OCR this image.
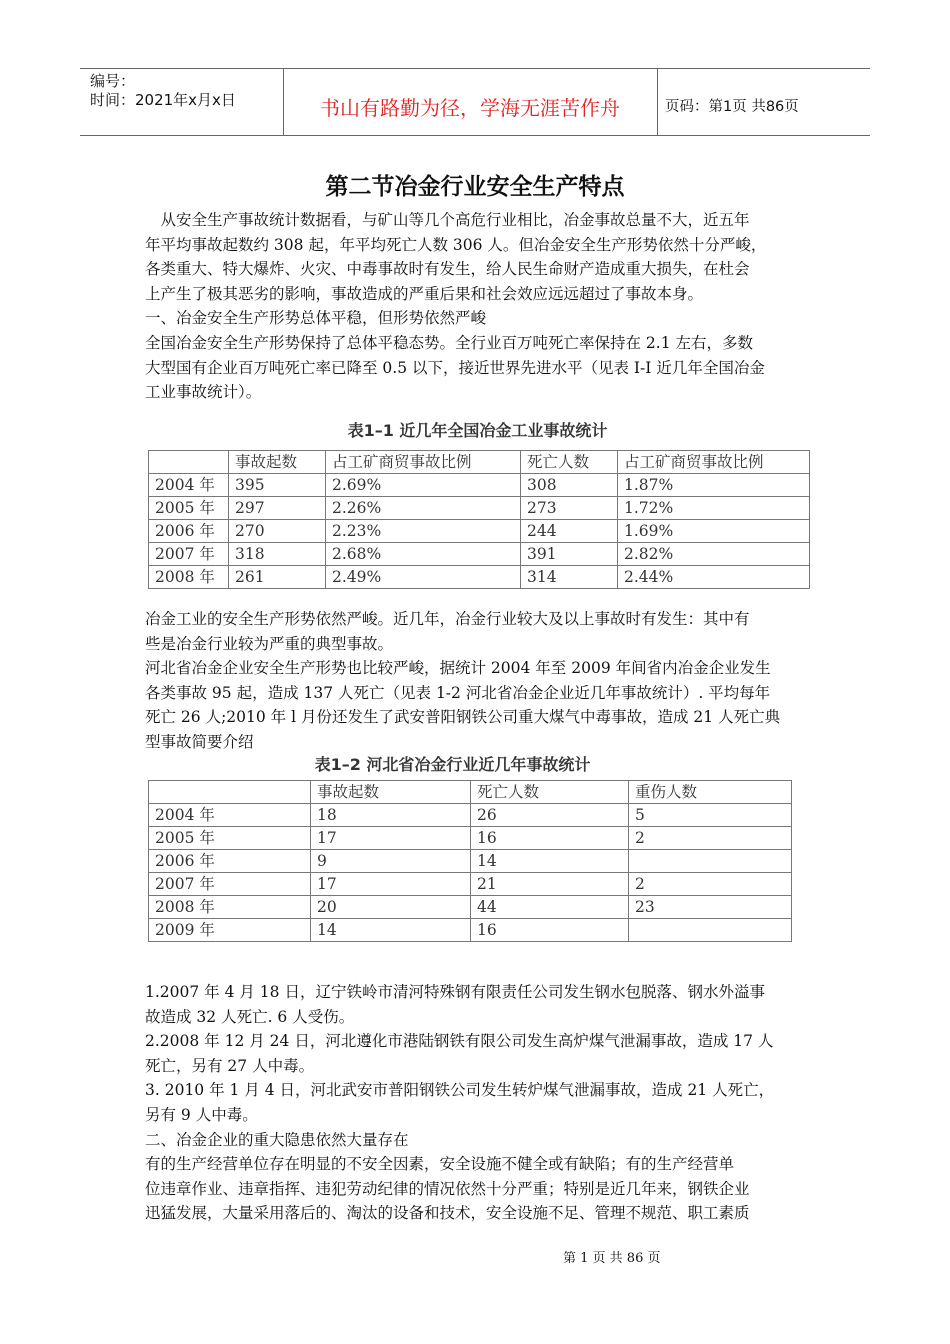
编号：
时间：2021年x月x日	书山有路勤为径，学海无涯苦作舟	页码：第1页 共86页
第二节冶金行业安全生产特点
　从安全生产事故统计数据看，与矿山等几个高危行业相比，冶金事故总量不大，近五年
年平均事故起数约 308 起，年平均死亡人数 306 人。但冶金安全生产形势依然十分严峻，
各类重大、特大爆炸、火灾、中毒事故时有发生，给人民生命财产造成重大损失，在杜会
上产生了极其恶劣的影响，事故造成的严重后果和社会效应远远超过了事故本身。
一、冶金安全生产形势总体平稳，但形势依然严峻
全国冶金安全生产形势保持了总体平稳态势。全行业百万吨死亡率保持在 2.1 左右，多数
大型国有企业百万吨死亡率已降至 0.5 以下，接近世界先进水平（见表 I-I 近几年全国冶金
工业事故统计）。
表1–1 近几年全国冶金工业事故统计
	事故起数	占工矿商贸事故比例	死亡人数	占工矿商贸事故比例
2004 年	395	2.69%	308	1.87%
2005 年	297	2.26%	273	1.72%
2006 年	270	2.23%	244	1.69%
2007 年	318	2.68%	391	2.82%
2008 年	261	2.49%	314	2.44%
冶金工业的安全生产形势依然严峻。近几年，冶金行业较大及以上事故时有发生：其中有
些是冶金行业较为严重的典型事故。
河北省冶金企业安全生产形势也比较严峻，据统计 2004 年至 2009 年间省内冶金企业发生
各类事故 95 起，造成 137 人死亡（见表 1-2 河北省冶金企业近几年事故统计）. 平均每年
死亡 26 人;2010 年 l 月份还发生了武安普阳钢铁公司重大煤气中毒事故，造成 21 人死亡典
型事故简要介绍
表1–2 河北省冶金行业近几年事故统计
	事故起数	死亡人数	重伤人数
2004 年	18	26	5
2005 年	17	16	2
2006 年	9	14	
2007 年	17	21	2
2008 年	20	44	23
2009 年	14	16	
1.2007 年 4 月 18 日，辽宁铁岭市清河特殊钢有限责任公司发生钢水包脱落、钢水外溢事
故造成 32 人死亡. 6 人受伤。
2.2008 年 12 月 24 日，河北遵化市港陆钢铁有限公司发生高炉煤气泄漏事故，造成 17 人
死亡，另有 27 人中毒。
3. 2010 年 1 月 4 日，河北武安市普阳钢铁公司发生转炉煤气泄漏事故，造成 21 人死亡，
另有 9 人中毒。
二、冶金企业的重大隐患依然大量存在
有的生产经营单位存在明显的不安全因素，安全设施不健全或有缺陷；有的生产经营单
位违章作业、违章指挥、违犯劳动纪律的情况依然十分严重；特别是近几年来，钢铁企业
迅猛发展，大量采用落后的、淘汰的设备和技术，安全设施不足、管理不规范、职工素质
第 1 页 共 86 页
